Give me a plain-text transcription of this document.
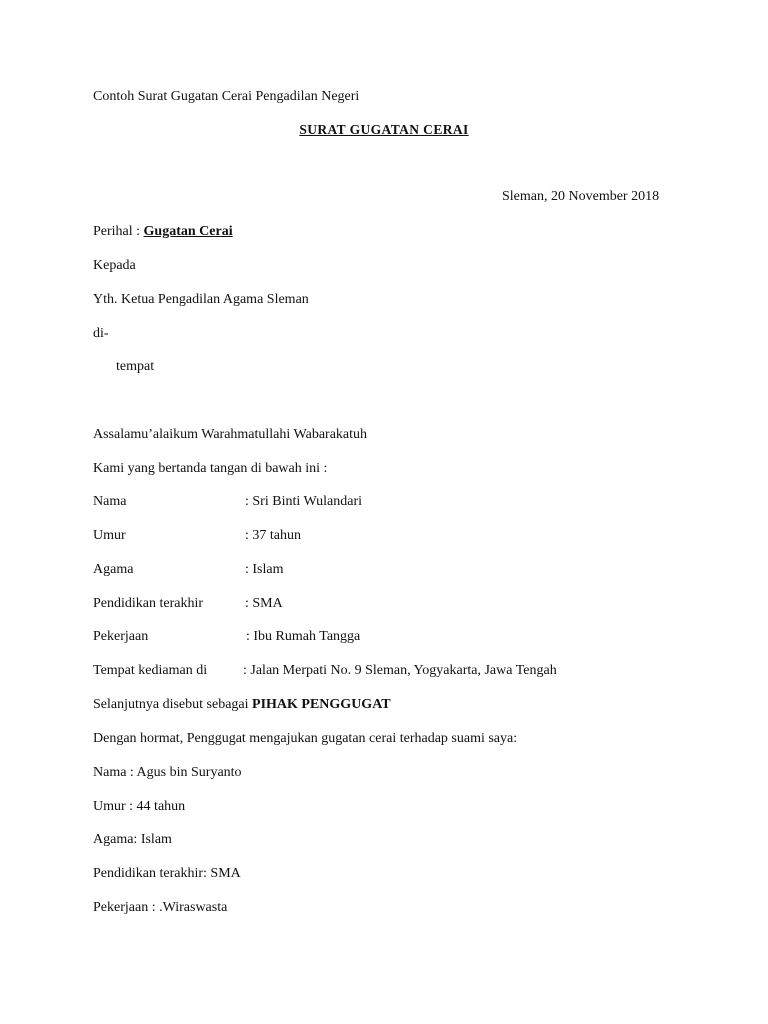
Contoh Surat Gugatan Cerai Pengadilan Negeri
SURAT GUGATAN CERAI
Sleman, 20 November 2018
Perihal : Gugatan Cerai
Kepada
Yth. Ketua Pengadilan Agama Sleman
di-
tempat
Assalamu’alaikum Warahmatullahi Wabarakatuh
Kami yang bertanda tangan di bawah ini :
Nama	: Sri Binti Wulandari
Umur	: 37 tahun
Agama	: Islam
Pendidikan terakhir	: SMA
Pekerjaan	: Ibu Rumah Tangga
Tempat kediaman di	: Jalan Merpati No. 9 Sleman, Yogyakarta, Jawa Tengah
Selanjutnya disebut sebagai PIHAK PENGGUGAT
Dengan hormat, Penggugat mengajukan gugatan cerai terhadap suami saya:
Nama : Agus bin Suryanto
Umur : 44 tahun
Agama: Islam
Pendidikan terakhir: SMA
Pekerjaan : .Wiraswasta
